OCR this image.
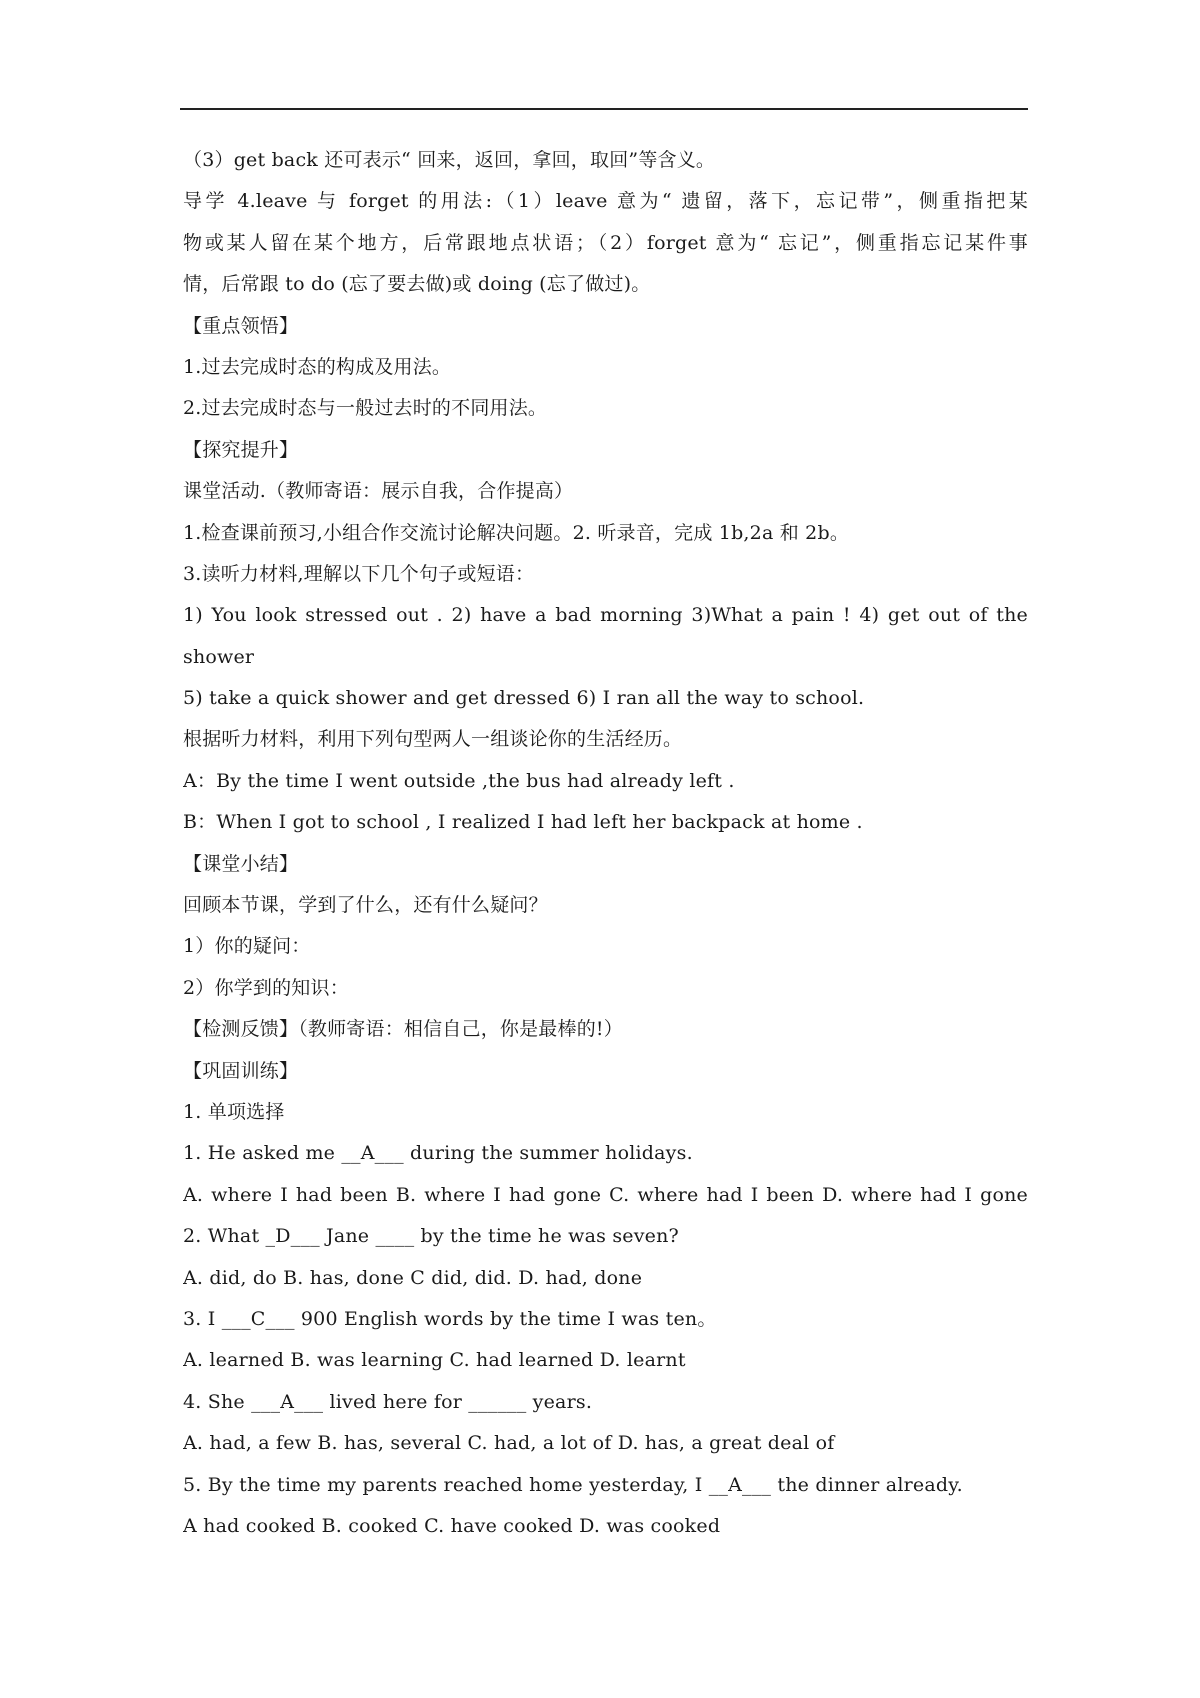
（3）get back 还可表示“ 回来，返回，拿回，取回”等含义。
导学 4.leave 与 forget 的用法:（1）leave 意为“ 遗留，落下，忘记带”，侧重指把某
物或某人留在某个地方，后常跟地点状语；（2）forget 意为“ 忘记”，侧重指忘记某件事
情，后常跟 to do (忘了要去做)或 doing (忘了做过)。
【重点领悟】
1.过去完成时态的构成及用法。
2.过去完成时态与一般过去时的不同用法。
【探究提升】
课堂活动.（教师寄语：展示自我，合作提高）
1.检查课前预习,小组合作交流讨论解决问题。2. 听录音，完成 1b,2a 和 2b。
3.读听力材料,理解以下几个句子或短语：
1) You look stressed out . 2) have a bad morning 3)What a pain ! 4) get out of the
shower
5) take a quick shower and get dressed 6) I ran all the way to school.
根据听力材料，利用下列句型两人一组谈论你的生活经历。
A：By the time I went outside ,the bus had already left .
B：When I got to school , I realized I had left her backpack at home .
【课堂小结】
回顾本节课，学到了什么，还有什么疑问？
1）你的疑问：
2）你学到的知识：
【检测反馈】（教师寄语：相信自己，你是最棒的!）
【巩固训练】
1. 单项选择
1. He asked me __A___ during the summer holidays.
A. where I had been B. where I had gone C. where had I been D. where had I gone
2. What _D___ Jane ____ by the time he was seven?
A. did, do B. has, done C did, did. D. had, done
3. I ___C___ 900 English words by the time I was ten。
A. learned B. was learning C. had learned D. learnt
4. She ___A___ lived here for ______ years.
A. had, a few B. has, several C. had, a lot of D. has, a great deal of
5. By the time my parents reached home yesterday, I __A___ the dinner already.
A had cooked B. cooked C. have cooked D. was cooked
